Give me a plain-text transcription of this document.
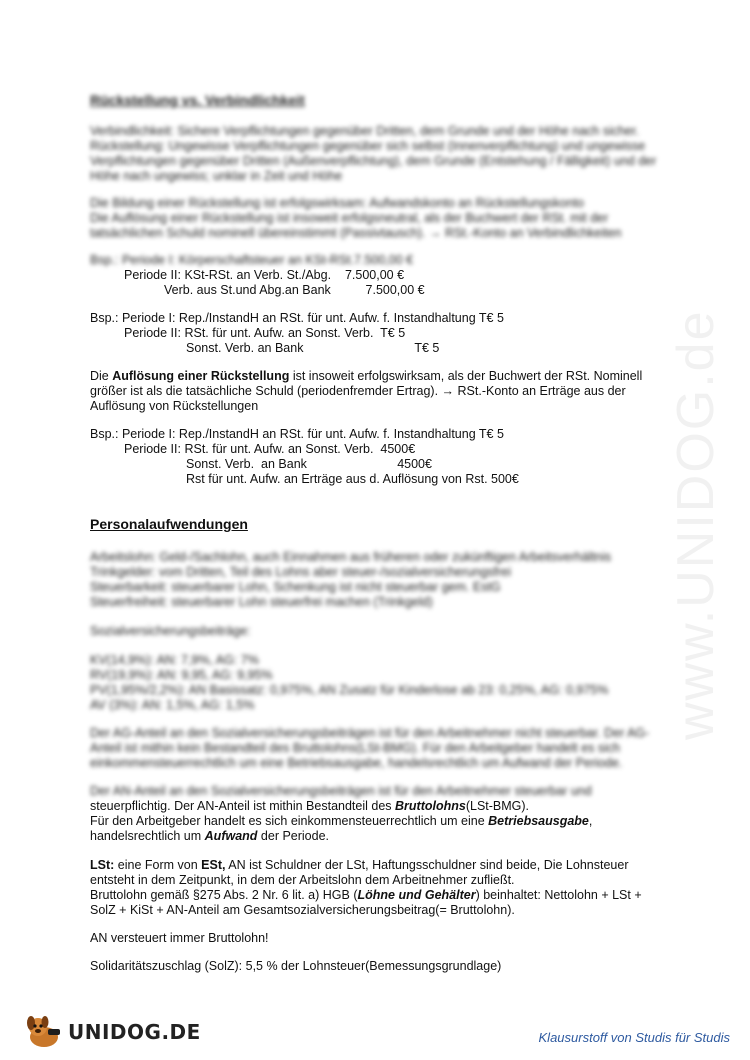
www.UNIDOG.de
Rückstellung vs. Verbindlichkeit
Verbindlichkeit: Sichere Verpflichtungen gegenüber Dritten, dem Grunde und der Höhe nach sicher.
Rückstellung: Ungewisse Verpflichtungen gegenüber sich selbst (Innenverpflichtung) und ungewisse
Verpflichtungen gegenüber Dritten (Außenverpflichtung), dem Grunde (Entstehung / Fälligkeit) und der
Höhe nach ungewiss; unklar in Zeit und Höhe
Die Bildung einer Rückstellung ist erfolgswirksam: Aufwandskonto an Rückstellungskonto
Die Auflösung einer Rückstellung ist insoweit erfolgsneutral, als der Buchwert der RSt. mit der
tatsächlichen Schuld nominell übereinstimmt (Passivtausch). → RSt.-Konto an Verbindlichkeiten
Bsp.: Periode I: Körperschaftsteuer an KSt-RSt.7.500,00 €
Periode II: KSt-RSt. an Verb. St./Abg.    7.500,00 €
Verb. aus St.und Abg.an Bank          7.500,00 €
Bsp.: Periode I: Rep./InstandH an RSt. für unt. Aufw. f. Instandhaltung T€ 5
Periode II: RSt. für unt. Aufw. an Sonst. Verb.  T€ 5
Sonst. Verb. an Bank                                T€ 5
Die Auflösung einer Rückstellung ist insoweit erfolgswirksam, als der Buchwert der RSt. Nominell
größer ist als die tatsächliche Schuld (periodenfremder Ertrag). → RSt.-Konto an Erträge aus der
Auflösung von Rückstellungen
Bsp.: Periode I: Rep./InstandH an RSt. für unt. Aufw. f. Instandhaltung T€ 5
Periode II: RSt. für unt. Aufw. an Sonst. Verb.  4500€
Sonst. Verb.  an Bank                          4500€
Rst für unt. Aufw. an Erträge aus d. Auflösung von Rst. 500€
Personalaufwendungen
Arbeitslohn: Geld-/Sachlohn, auch Einnahmen aus früheren oder zukünftigen Arbeitsverhältnis
Trinkgelder: vom Dritten, Teil des Lohns aber steuer-/sozialversicherungsfrei
Steuerbarkeit: steuerbarer Lohn, Schenkung ist nicht steuerbar gem. EstG
Steuerfreiheit: steuerbarer Lohn steuerfrei machen (Trinkgeld)
Sozialversicherungsbeiträge:
KV(14,9%): AN: 7,9%, AG: 7%
RV(19,9%): AN: 9,95, AG: 9,95%
PV(1,95%/2,2%): AN Basissatz: 0,975%, AN Zusatz für Kinderlose ab 23: 0,25%, AG: 0,975%
AV (3%): AN: 1,5%, AG: 1,5%
Der AG-Anteil an den Sozialversicherungsbeiträgen ist für den Arbeitnehmer nicht steuerbar. Der AG-
Anteil ist mithin kein Bestandteil des Bruttolohns(LSt-BMG). Für den Arbeitgeber handelt es sich
einkommensteuerrechtlich um eine Betriebsausgabe, handelsrechtlich um Aufwand der Periode.
Der AN-Anteil an den Sozialversicherungsbeiträgen ist für den Arbeitnehmer steuerbar und
steuerpflichtig. Der AN-Anteil ist mithin Bestandteil des Bruttolohns(LSt-BMG).
Für den Arbeitgeber handelt es sich einkommensteuerrechtlich um eine Betriebsausgabe,
handelsrechtlich um Aufwand der Periode.
LSt: eine Form von ESt, AN ist Schuldner der LSt, Haftungsschuldner sind beide, Die Lohnsteuer
entsteht in dem Zeitpunkt, in dem der Arbeitslohn dem Arbeitnehmer zufließt.
Bruttolohn gemäß §275 Abs. 2 Nr. 6 lit. a) HGB (Löhne und Gehälter) beinhaltet: Nettolohn + LSt +
SolZ + KiSt + AN-Anteil am Gesamtsozialversicherungsbeitrag(= Bruttolohn).
AN versteuert immer Bruttolohn!
Solidaritätszuschlag (SolZ): 5,5 % der Lohnsteuer(Bemessungsgrundlage)
UNIDOG.DE	Klausurstoff von Studis für Studis
